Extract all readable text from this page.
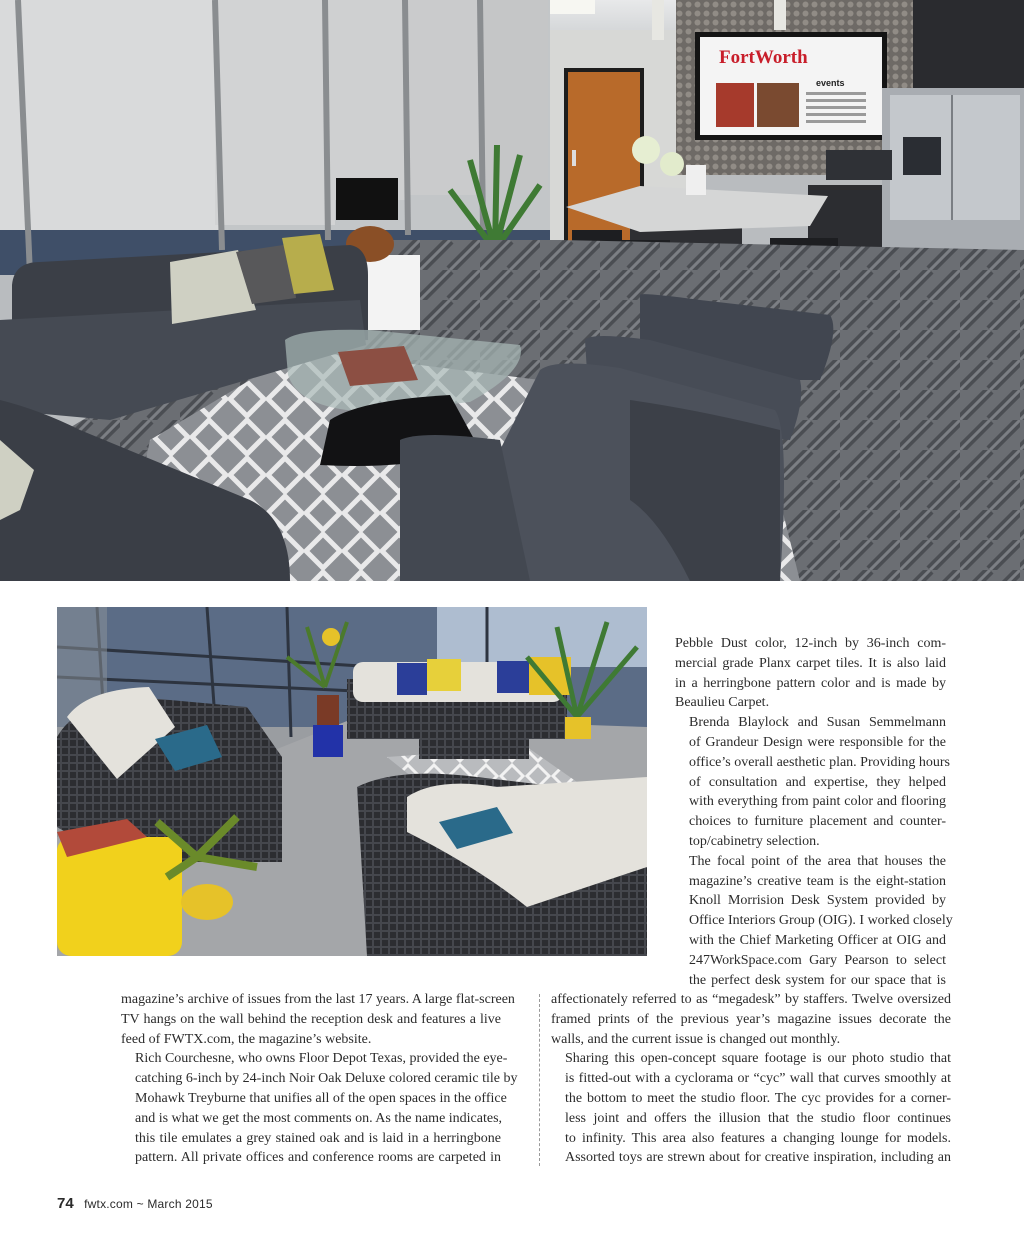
FortWorth
events

Pebble Dust color, 12-inch by 36-inch com-
mercial grade Planx carpet tiles. It is also laid
in a herringbone pattern color and is made by
Beaulieu Carpet.

Brenda Blaylock and Susan Semmelmann
of Grandeur Design were responsible for the
office’s overall aesthetic plan. Providing hours
of consultation and expertise, they helped
with everything from paint color and flooring
choices to furniture placement and counter-
top/cabinetry selection.

The focal point of the area that houses the
magazine’s creative team is the eight-station
Knoll Morrision Desk System provided by
Office Interiors Group (OIG). I worked closely
with the Chief Marketing Officer at OIG and
247WorkSpace.com Gary Pearson to select
the perfect desk system for our space that is

magazine’s archive of issues from the last 17 years. A large flat-screen
TV hangs on the wall behind the reception desk and features a live
feed of FWTX.com, the magazine’s website.

Rich Courchesne, who owns Floor Depot Texas, provided the eye-
catching 6-inch by 24-inch Noir Oak Deluxe colored ceramic tile by
Mohawk Treyburne that unifies all of the open spaces in the office
and is what we get the most comments on. As the name indicates,
this tile emulates a grey stained oak and is laid in a herringbone
pattern. All private offices and conference rooms are carpeted in

affectionately referred to as “megadesk” by staffers. Twelve oversized
framed prints of the previous year’s magazine issues decorate the
walls, and the current issue is changed out monthly.

Sharing this open-concept square footage is our photo studio that
is fitted-out with a cyclorama or “cyc” wall that curves smoothly at
the bottom to meet the studio floor. The cyc provides for a corner-
less joint and offers the illusion that the studio floor continues
to infinity. This area also features a changing lounge for models.
Assorted toys are strewn about for creative inspiration, including an

74 fwtx.com ~ March 2015
